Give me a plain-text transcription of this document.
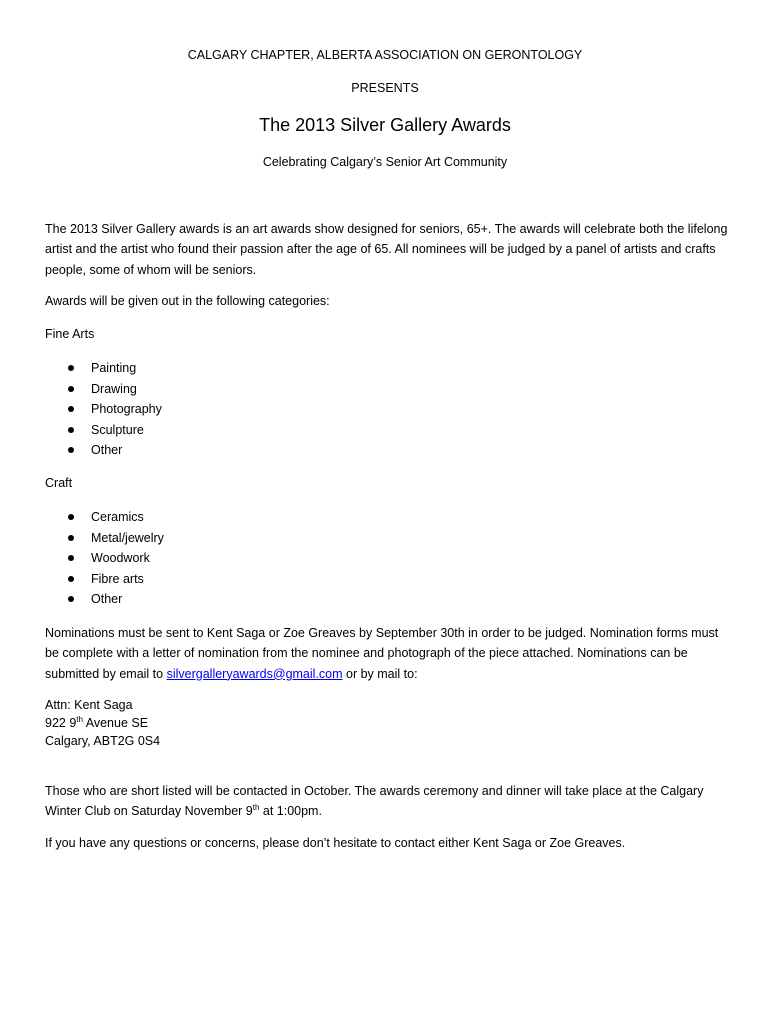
CALGARY CHAPTER, ALBERTA ASSOCIATION ON GERONTOLOGY
PRESENTS
The 2013 Silver Gallery Awards
Celebrating Calgary’s Senior Art Community
The 2013 Silver Gallery awards is an art awards show designed for seniors, 65+. The awards will celebrate both the lifelong artist and the artist who found their passion after the age of 65. All nominees will be judged by a panel of artists and crafts people, some of whom will be seniors.
Awards will be given out in the following categories:
Fine Arts
Painting
Drawing
Photography
Sculpture
Other
Craft
Ceramics
Metal/jewelry
Woodwork
Fibre arts
Other
Nominations must be sent to Kent Saga or Zoe Greaves by September 30th in order to be judged. Nomination forms must be complete with a letter of nomination from the nominee and photograph of the piece attached. Nominations can be submitted by email to silvergalleryawards@gmail.com or by mail to:
Attn: Kent Saga
922 9th Avenue SE
Calgary, ABT2G 0S4
Those who are short listed will be contacted in October. The awards ceremony and dinner will take place at the Calgary Winter Club on Saturday November 9th at 1:00pm.
If you have any questions or concerns, please don’t hesitate to contact either Kent Saga or Zoe Greaves.
